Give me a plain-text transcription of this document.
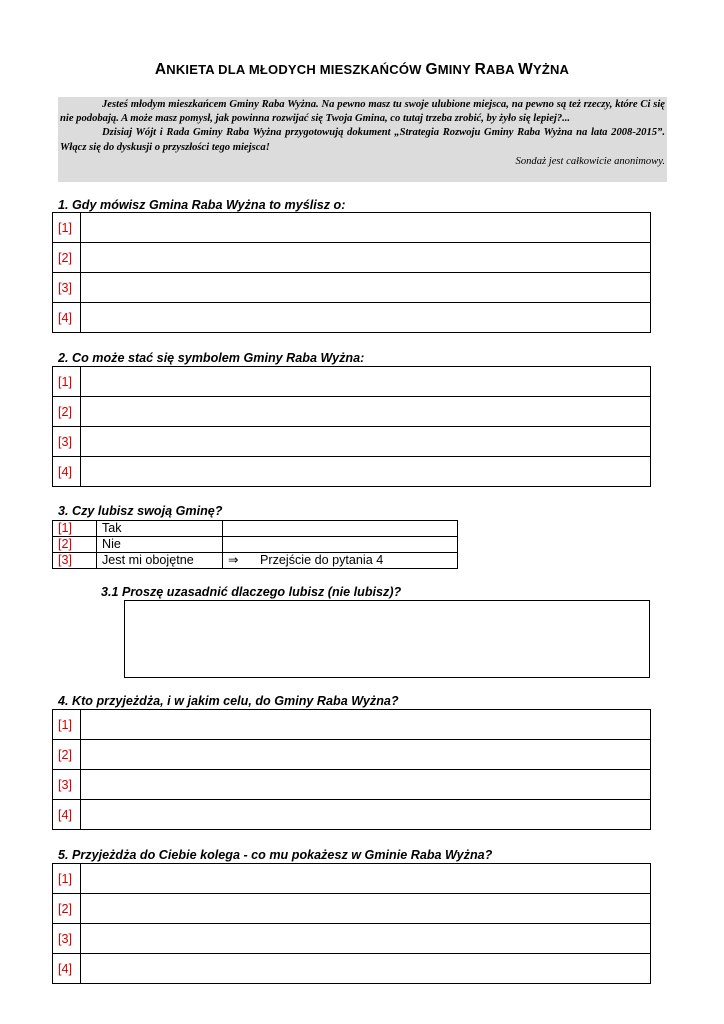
ANKIETA DLA MŁODYCH MIESZKAŃCÓW GMINY RABA WYŻNA

Jesteś młodym mieszkańcem Gminy Raba Wyżna. Na pewno masz tu swoje ulubione miejsca, na pewno są też rzeczy, które Ci się nie podobają. A może masz pomysł, jak powinna rozwijać się Twoja Gmina, co tutaj trzeba zrobić, by żyło się lepiej?...

Dzisiaj Wójt i Rada Gminy Raba Wyżna przygotowują dokument „Strategia Rozwoju Gminy Raba Wyżna na lata 2008-2015”. Włącz się do dyskusji o przyszłości tego miejsca!

Sondaż jest całkowicie anonimowy.

1. Gdy mówisz Gmina Raba Wyżna to myślisz o:
[1]	
[2]	
[3]	
[4]	
2. Co może stać się symbolem Gminy Raba Wyżna:
[1]	
[2]	
[3]	
[4]	
3. Czy lubisz swoją Gminę?
[1]	Tak	
[2]	Nie	
[3]	Jest mi obojętne	⇒ Przejście do pytania 4
3.1 Proszę uzasadnić dlaczego lubisz (nie lubisz)?
4. Kto przyjeżdża, i w jakim celu, do Gminy Raba Wyżna?
[1]	
[2]	
[3]	
[4]	
5. Przyjeżdża do Ciebie kolega - co mu pokażesz w Gminie Raba Wyżna?
[1]	
[2]	
[3]	
[4]	
